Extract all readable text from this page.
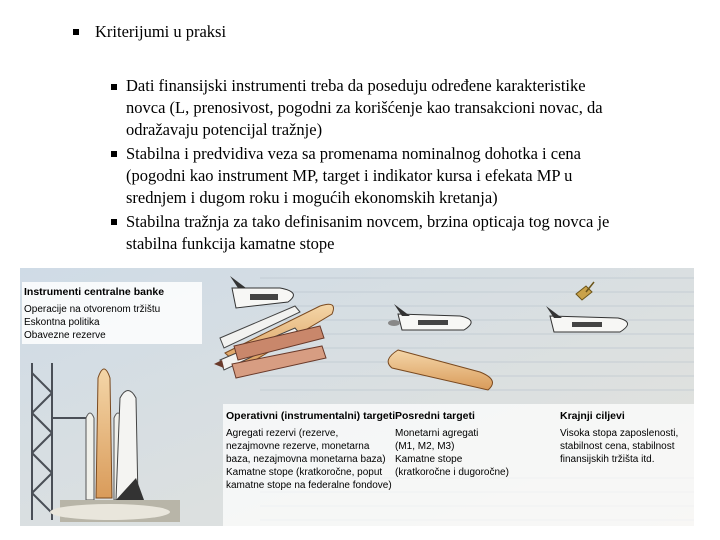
Kriterijumi u praksi
Dati finansijski instrumenti treba da poseduju određene karakteristike
novca (L, prenosivost, pogodni za korišćenje kao transakcioni novac, da
odražavaju potencijal tražnje)
Stabilna i predvidiva veza sa promenama nominalnog dohotka i cena
(pogodni kao instrument MP, target i indikator kursa i efekata MP u
srednjem i dugom roku i mogućih ekonomskih kretanja)
Stabilna tražnja za tako definisanim novcem, brzina opticaja tog novca je
stabilna funkcija kamatne stope
Instrumenti centralne banke
Operacije na otvorenom tržištu
Eskontna politika
Obavezne rezerve
Operativni (instrumentalni) targeti
Agregati rezervi (rezerve,
nezajmovne rezerve, monetarna
baza, nezajmovna monetarna baza)
Kamatne stope (kratkoročne, poput
kamatne stope na federalne fondove)
Posredni targeti
Monetarni agregati
(M1, M2, M3)
Kamatne stope
(kratkoročne i dugoročne)
Krajnji ciljevi
Visoka stopa zaposlenosti,
stabilnost cena, stabilnost
finansijskih tržišta itd.
